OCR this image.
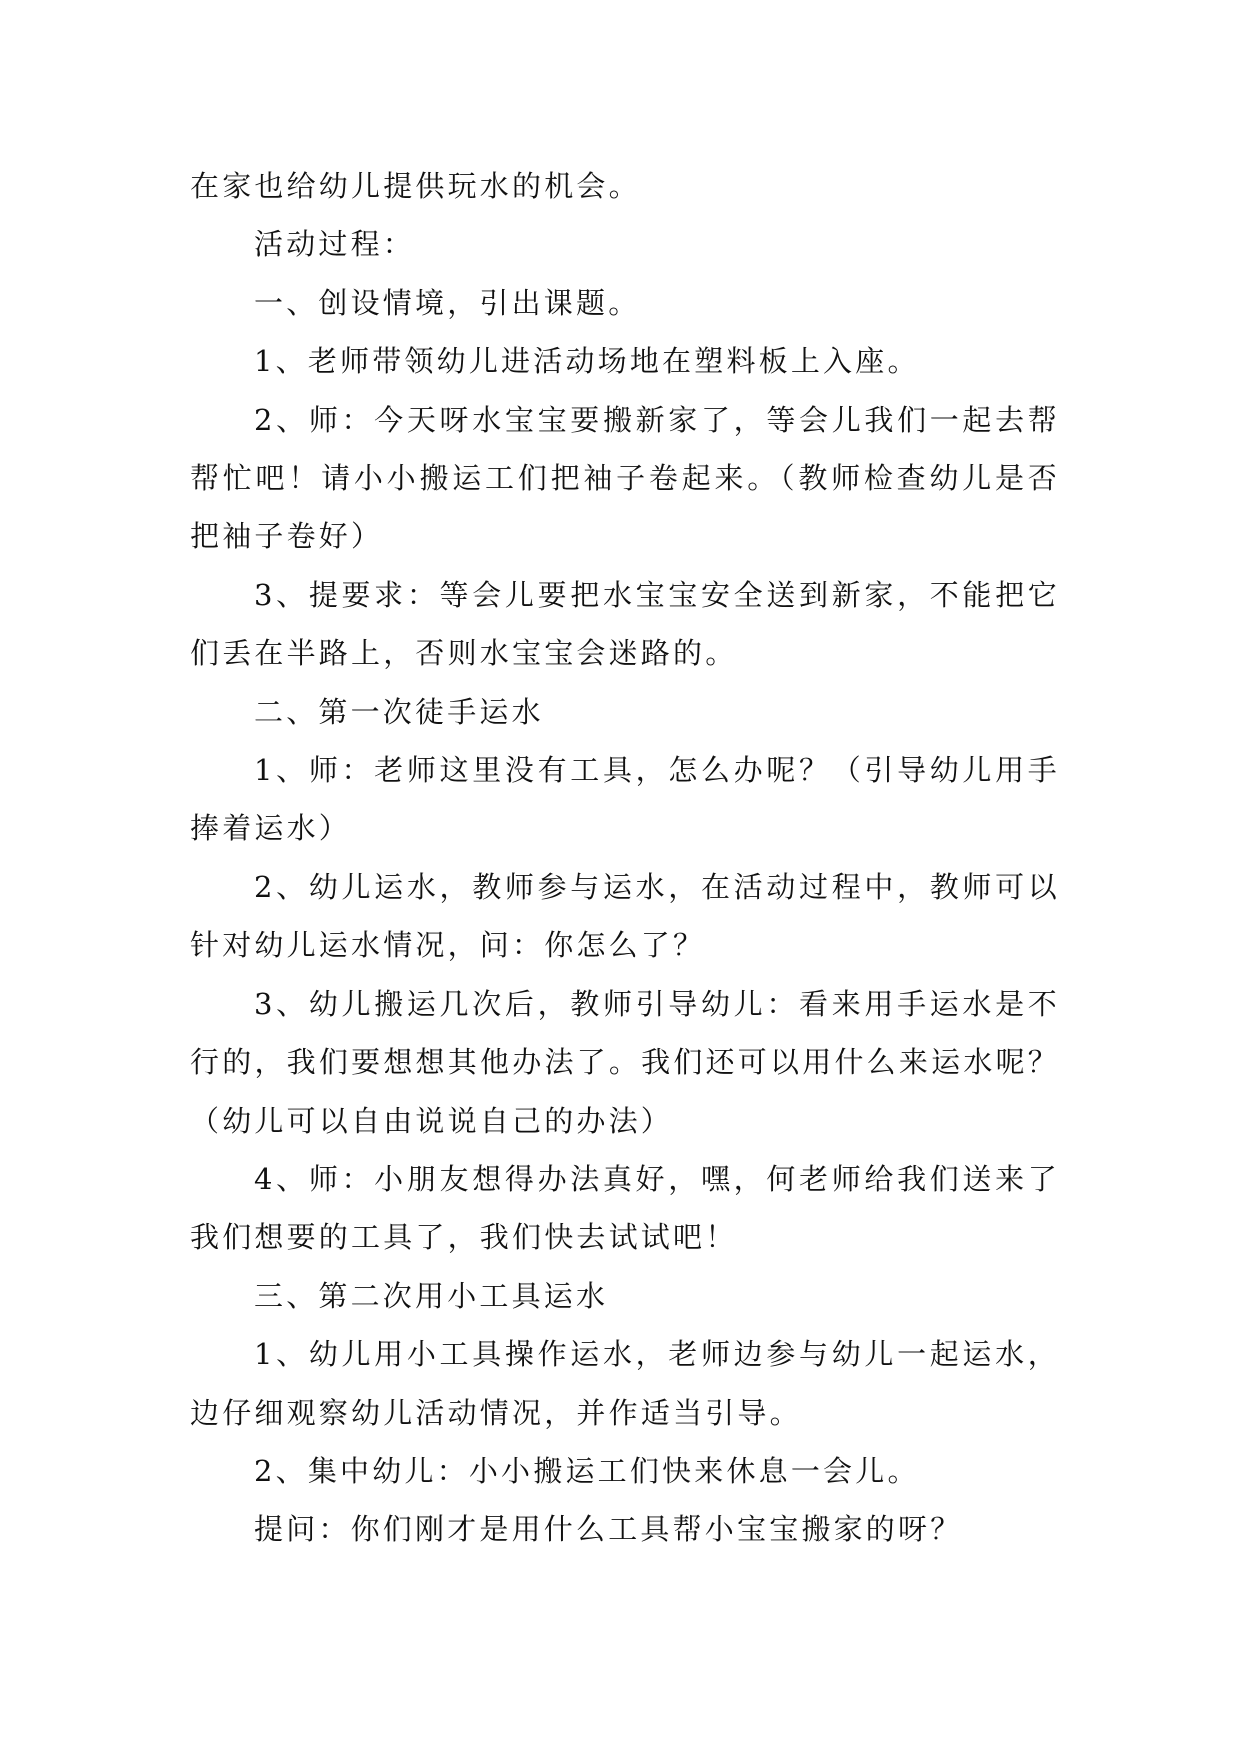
在家也给幼儿提供玩水的机会。

活动过程：

一、创设情境，引出课题。

1、老师带领幼儿进活动场地在塑料板上入座。

2、师：今天呀水宝宝要搬新家了，等会儿我们一起去帮帮忙吧！请小小搬运工们把袖子卷起来。（教师检查幼儿是否把袖子卷好）

3、提要求：等会儿要把水宝宝安全送到新家，不能把它们丢在半路上，否则水宝宝会迷路的。

二、第一次徒手运水

1、师：老师这里没有工具，怎么办呢？（引导幼儿用手捧着运水）

2、幼儿运水，教师参与运水，在活动过程中，教师可以针对幼儿运水情况，问：你怎么了？

3、幼儿搬运几次后，教师引导幼儿：看来用手运水是不行的，我们要想想其他办法了。我们还可以用什么来运水呢？（幼儿可以自由说说自己的办法）

4、师：小朋友想得办法真好，嘿，何老师给我们送来了我们想要的工具了，我们快去试试吧！

三、第二次用小工具运水

1、幼儿用小工具操作运水，老师边参与幼儿一起运水，边仔细观察幼儿活动情况，并作适当引导。

2、集中幼儿：小小搬运工们快来休息一会儿。

提问：你们刚才是用什么工具帮小宝宝搬家的呀？
